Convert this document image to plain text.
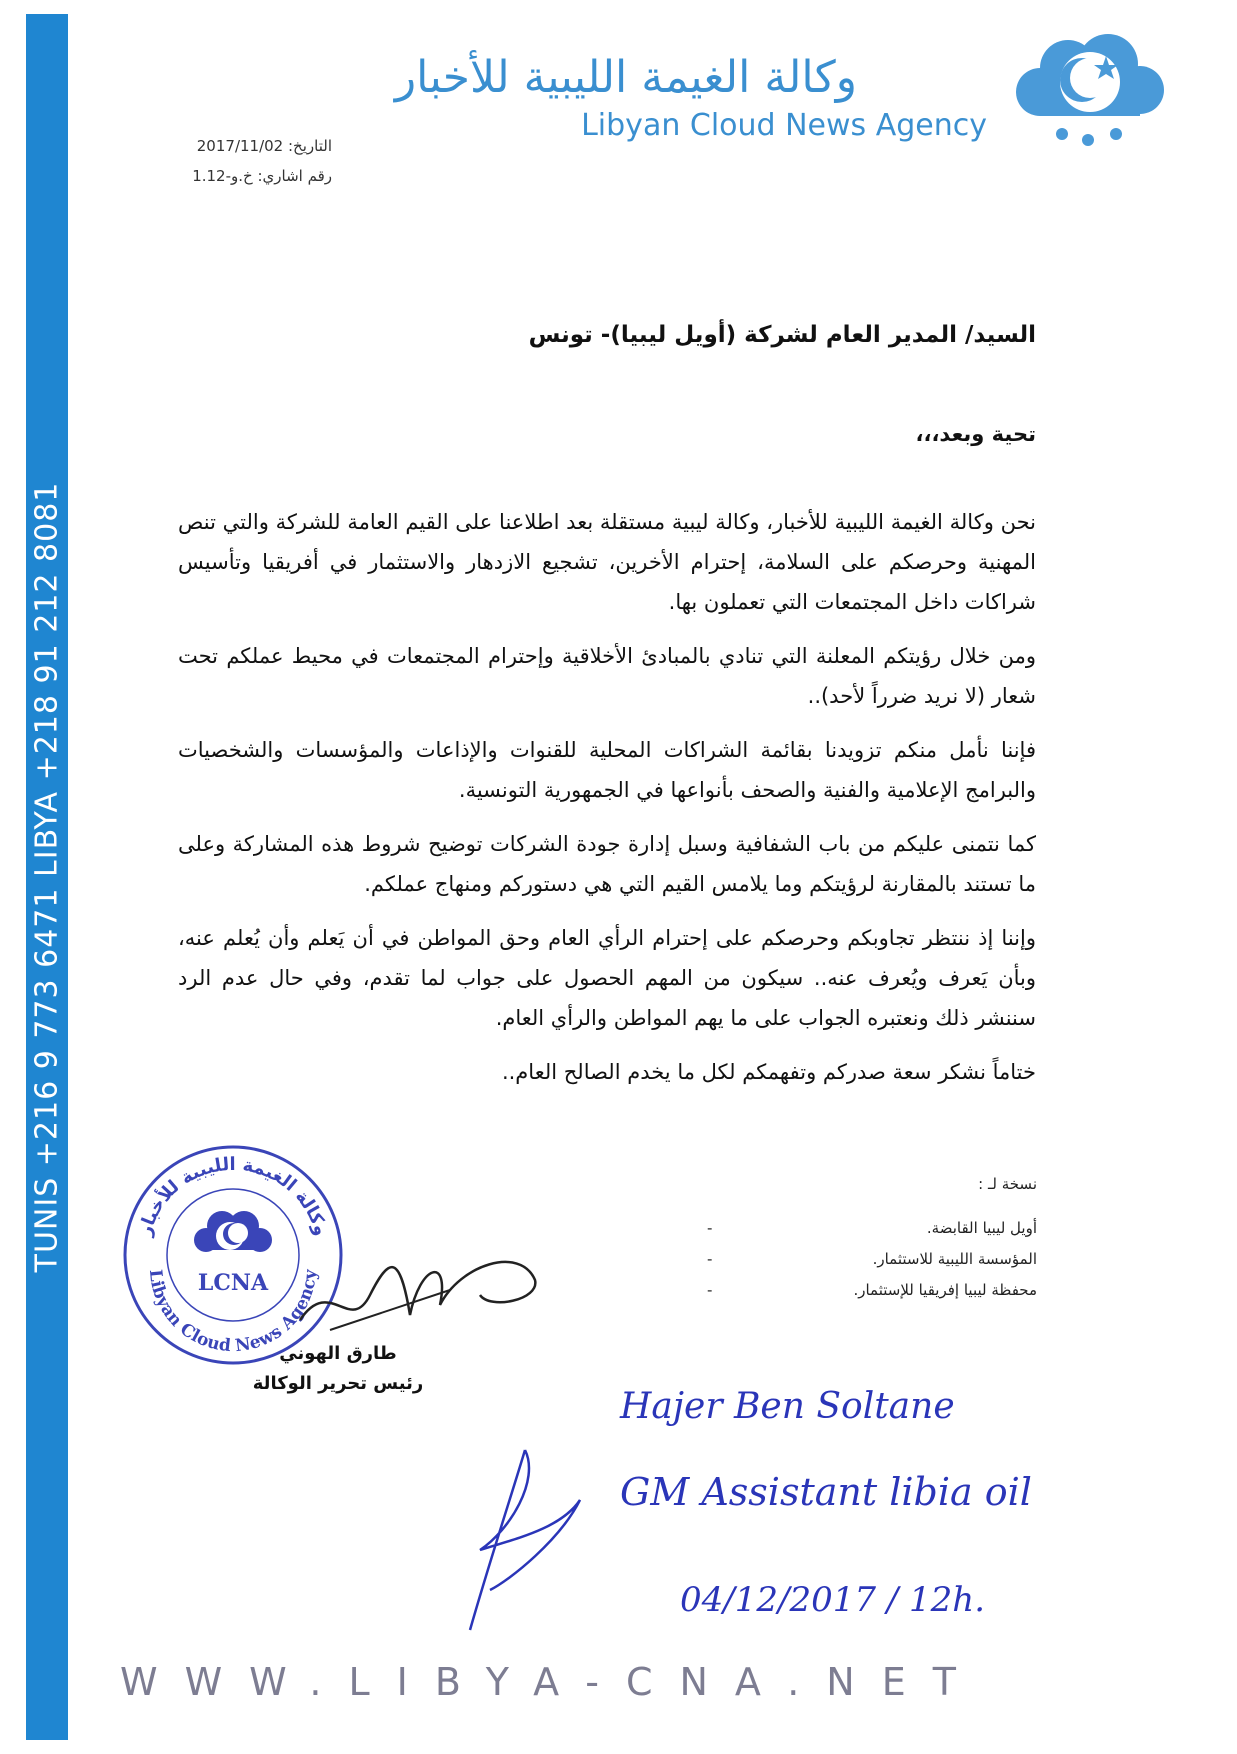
TUNIS +216 9 773 6471 LIBYA +218 91 212 8081
وكالة الغيمة الليبية للأخبار
Libyan Cloud News Agency
التاريخ: 2017/11/02
رقم اشاري: خ.و-1.12
السيد/ المدير العام لشركة (أويل ليبيا)- تونس
تحية وبعد،،،

نحن وكالة الغيمة الليبية للأخبار، وكالة ليبية مستقلة بعد اطلاعنا على القيم العامة للشركة والتي تنص المهنية وحرصكم على السلامة، إحترام الأخرين، تشجيع الازدهار والاستثمار في أفريقيا وتأسيس شراكات داخل المجتمعات التي تعملون بها.

ومن خلال رؤيتكم المعلنة التي تنادي بالمبادئ الأخلاقية وإحترام المجتمعات في محيط عملكم تحت شعار (لا نريد ضرراً لأحد)..

فإننا نأمل منكم تزويدنا بقائمة الشراكات المحلية للقنوات والإذاعات والمؤسسات والشخصيات والبرامج الإعلامية والفنية والصحف بأنواعها في الجمهورية التونسية.

كما نتمنى عليكم من باب الشفافية وسبل إدارة جودة الشركات توضيح شروط هذه المشاركة وعلى ما تستند بالمقارنة لرؤيتكم وما يلامس القيم التي هي دستوركم ومنهاج عملكم.

وإننا إذ ننتظر تجاوبكم وحرصكم على إحترام الرأي العام وحق المواطن في أن يَعلم وأن يُعلم عنه، وبأن يَعرف ويُعرف عنه.. سيكون من المهم الحصول على جواب لما تقدم، وفي حال عدم الرد سننشر ذلك ونعتبره الجواب على ما يهم المواطن والرأي العام.

ختاماً نشكر سعة صدركم وتفهمكم لكل ما يخدم الصالح العام..

نسخة لـ :
أويل ليبيا القابضة.
-
المؤسسة الليبية للاستثمار.
-
محفظة ليبيا إفريقيا للإستثمار.
-
وكالة الغيمة الليبية للأخبار
Libyan Cloud News Agency
LCNA
طارق الهوني
رئيس تحرير الوكالة
Hajer Ben Soltane
GM Assistant libia oil
04/12/2017 / 12h.
WWW.LIBYA-CNA.NET
